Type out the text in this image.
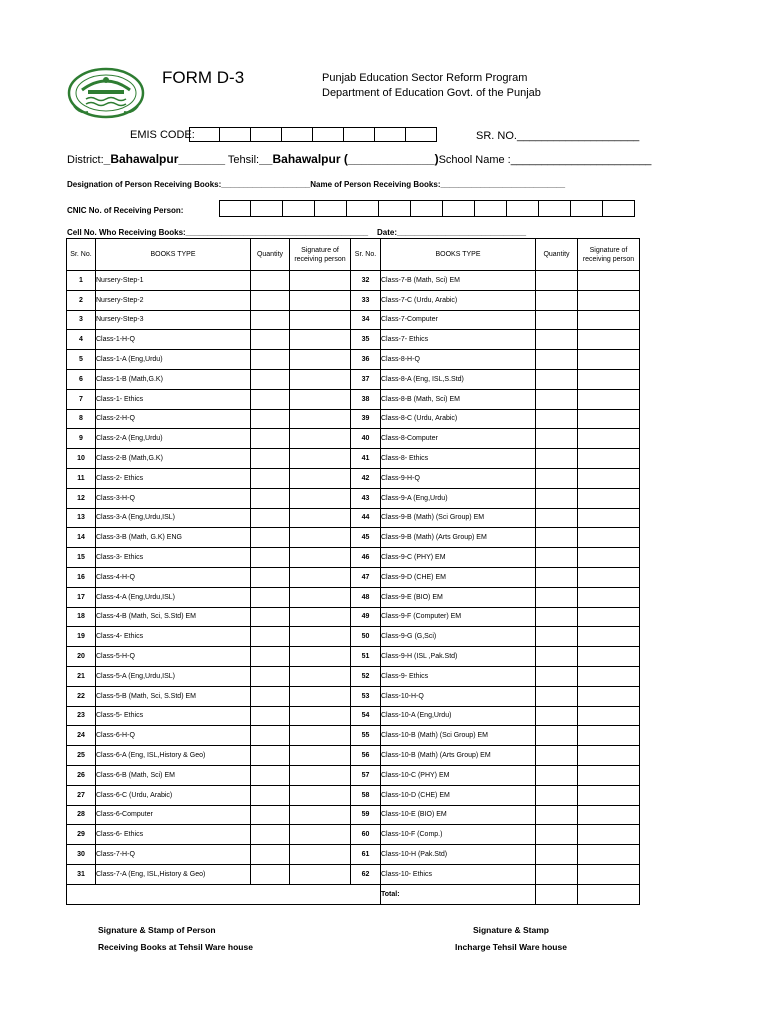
FORM D-3	Punjab Education Sector Reform Program
Department of Education Govt. of the Punjab
EMIS CODE:	SR. NO.____________________
District:_Bahawalpur_______ Tehsil:__Bahawalpur (_____________)School Name :_______________________
Designation of Person Receiving Books:____________________Name of Person Receiving Books:____________________________
CNIC No. of Receiving Person:
Cell No. Who Receiving Books:_________________________________________    Date:_____________________________
Sr. No.	BOOKS TYPE	Quantity	Signature of receiving person	Sr. No.	BOOKS TYPE	Quantity	Signature of receiving person
1	Nursery-Step-1			32	Class-7-B (Math, Sci) EM		
2	Nursery-Step-2			33	Class-7-C (Urdu, Arabic)		
3	Nursery-Step-3			34	Class-7-Computer		
4	Class-1-H-Q			35	Class-7- Ethics		
5	Class-1-A (Eng,Urdu)			36	Class-8-H-Q		
6	Class-1-B (Math,G.K)			37	Class-8-A (Eng, ISL,S.Std)		
7	Class-1- Ethics			38	Class-8-B (Math, Sci) EM		
8	Class-2-H-Q			39	Class-8-C (Urdu, Arabic)		
9	Class-2-A (Eng,Urdu)			40	Class-8-Computer		
10	Class-2-B (Math,G.K)			41	Class-8- Ethics		
11	Class-2- Ethics			42	Class-9-H-Q		
12	Class-3-H-Q			43	Class-9-A (Eng,Urdu)		
13	Class-3-A (Eng,Urdu,ISL)			44	Class-9-B (Math) (Sci Group) EM		
14	Class-3-B (Math, G.K) ENG			45	Class-9-B (Math) (Arts Group) EM		
15	Class-3- Ethics			46	Class-9-C (PHY) EM		
16	Class-4-H-Q			47	Class-9-D (CHE) EM		
17	Class-4-A (Eng,Urdu,ISL)			48	Class-9-E (BIO) EM		
18	Class-4-B (Math, Sci, S.Std) EM			49	Class-9-F (Computer) EM		
19	Class-4- Ethics			50	Class-9-G (G,Sci)		
20	Class-5-H-Q			51	Class-9-H (ISL ,Pak.Std)		
21	Class-5-A (Eng,Urdu,ISL)			52	Class-9- Ethics		
22	Class-5-B (Math, Sci, S.Std) EM			53	Class-10-H-Q		
23	Class-5- Ethics			54	Class-10-A (Eng,Urdu)		
24	Class-6-H-Q			55	Class-10-B (Math) (Sci Group) EM		
25	Class-6-A (Eng, ISL,History & Geo)			56	Class-10-B (Math) (Arts Group) EM		
26	Class-6-B (Math, Sci) EM			57	Class-10-C (PHY) EM		
27	Class-6-C (Urdu, Arabic)			58	Class-10-D (CHE) EM		
28	Class-6-Computer			59	Class-10-E (BIO) EM		
29	Class-6- Ethics			60	Class-10-F (Comp.)		
30	Class-7-H-Q			61	Class-10-H (Pak.Std)		
31	Class-7-A (Eng, ISL,History & Geo)			62	Class-10- Ethics		
					Total:		
Signature & Stamp of Person
Receiving Books at Tehsil Ware house
Signature & Stamp
Incharge Tehsil Ware house
